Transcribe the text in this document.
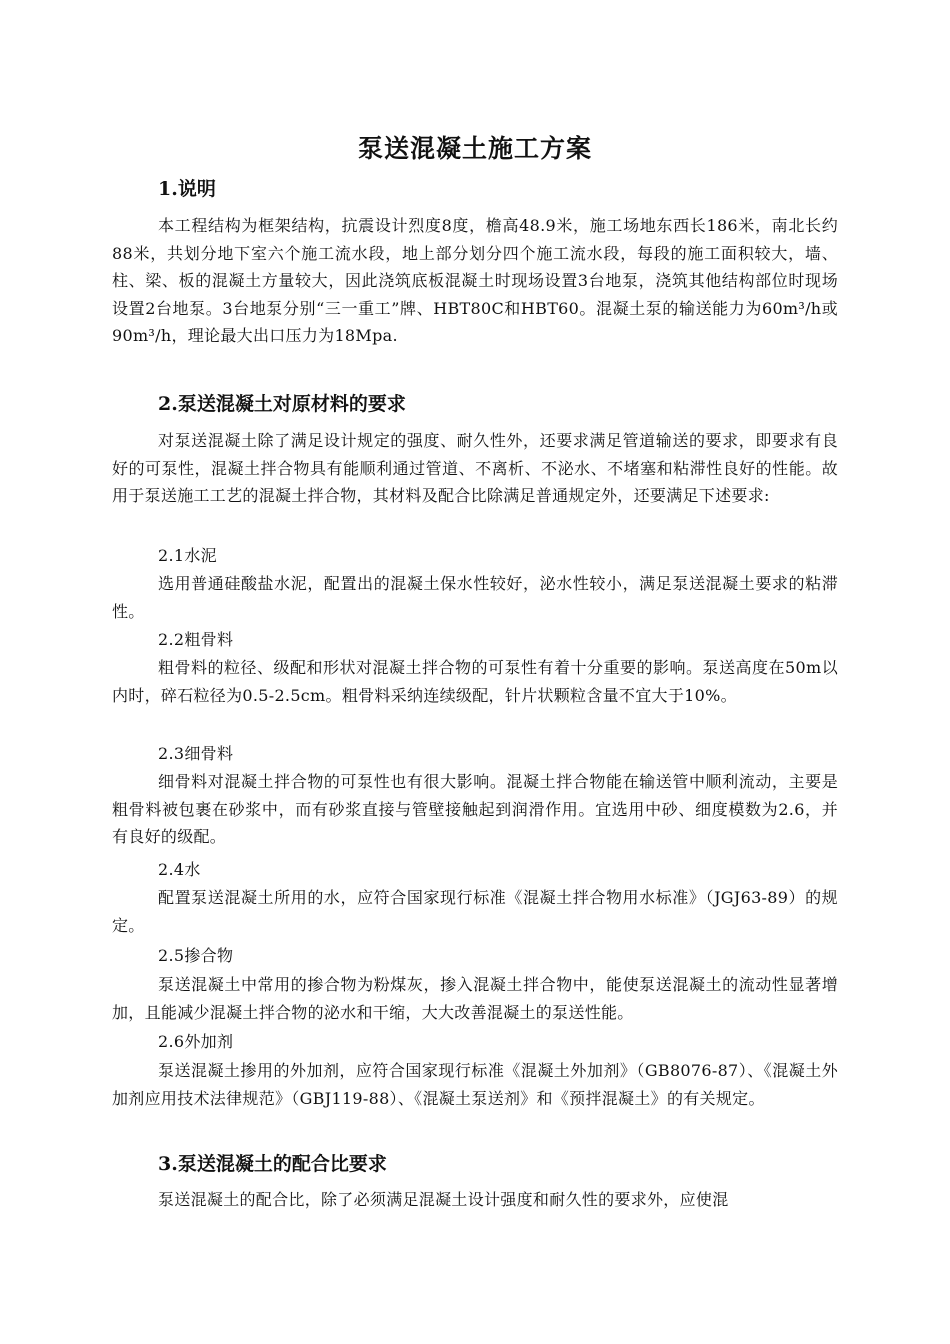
泵送混凝土施工方案
1.说明
本工程结构为框架结构，抗震设计烈度8度，檐高48.9米，施工场地东西长186米，南北长约88米，共划分地下室六个施工流水段，地上部分划分四个施工流水段，每段的施工面积较大，墙、柱、梁、板的混凝土方量较大，因此浇筑底板混凝土时现场设置3台地泵，浇筑其他结构部位时现场设置2台地泵。3台地泵分别“三一重工”牌、HBT80C和HBT60。混凝土泵的输送能力为60m³/h或90m³/h，理论最大出口压力为18Mpa.
2.泵送混凝土对原材料的要求
对泵送混凝土除了满足设计规定的强度、耐久性外，还要求满足管道输送的要求，即要求有良好的可泵性，混凝土拌合物具有能顺利通过管道、不离析、不泌水、不堵塞和粘滞性良好的性能。故用于泵送施工工艺的混凝土拌合物，其材料及配合比除满足普通规定外，还要满足下述要求:
2.1水泥
选用普通硅酸盐水泥，配置出的混凝土保水性较好，泌水性较小，满足泵送混凝土要求的粘滞性。
2.2粗骨料
粗骨料的粒径、级配和形状对混凝土拌合物的可泵性有着十分重要的影响。泵送高度在50m以内时，碎石粒径为0.5-2.5cm。粗骨料采纳连续级配，针片状颗粒含量不宜大于10%。
2.3细骨料
细骨料对混凝土拌合物的可泵性也有很大影响。混凝土拌合物能在输送管中顺利流动，主要是粗骨料被包裹在砂浆中，而有砂浆直接与管壁接触起到润滑作用。宜选用中砂、细度模数为2.6，并有良好的级配。
2.4水
配置泵送混凝土所用的水，应符合国家现行标准《混凝土拌合物用水标准》（JGJ63-89）的规定。
2.5掺合物
泵送混凝土中常用的掺合物为粉煤灰，掺入混凝土拌合物中，能使泵送混凝土的流动性显著增加，且能减少混凝土拌合物的泌水和干缩，大大改善混凝土的泵送性能。
2.6外加剂
泵送混凝土掺用的外加剂，应符合国家现行标准《混凝土外加剂》（GB8076-87）、《混凝土外加剂应用技术法律规范》（GBJ119-88）、《混凝土泵送剂》和《预拌混凝土》的有关规定。
3.泵送混凝土的配合比要求
泵送混凝土的配合比，除了必须满足混凝土设计强度和耐久性的要求外，应使混
